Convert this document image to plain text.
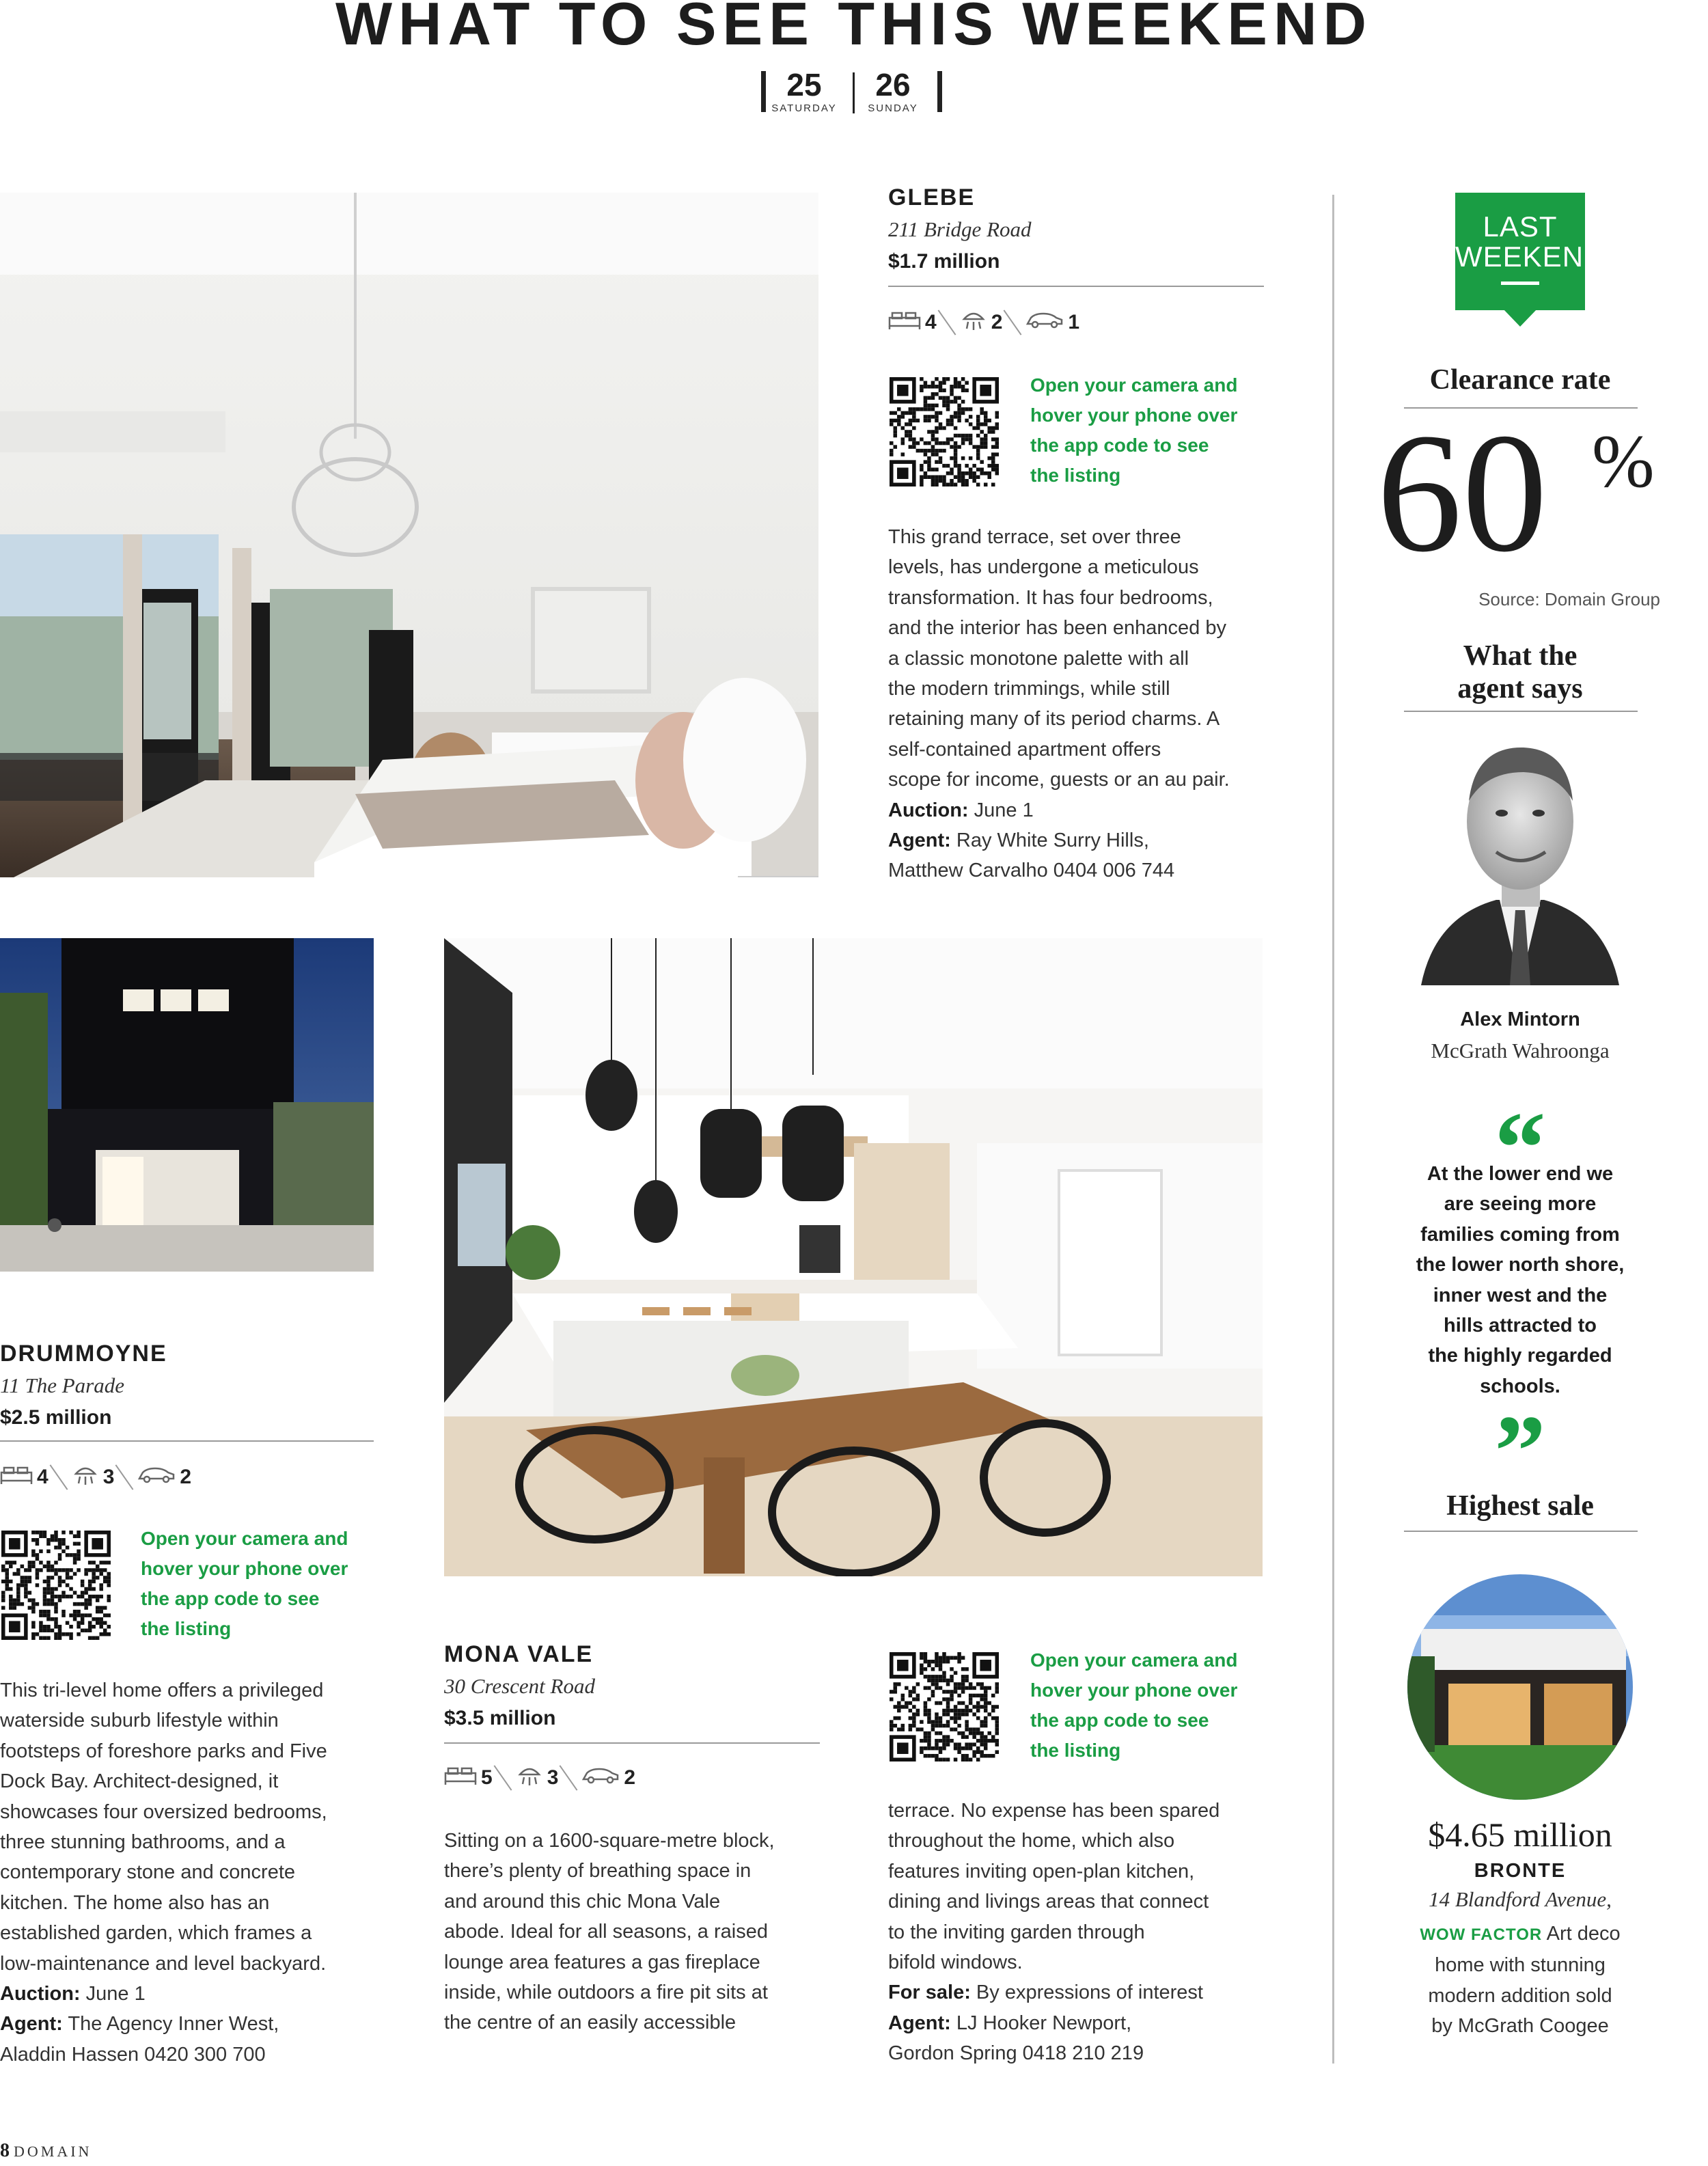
WHAT TO SEE THIS WEEKEND
25
SATURDAY
26
SUNDAY
GLEBE
211 Bridge Road
$1.7 million
4	2	1
Open your camera and
hover your phone over
the app code to see
the listing
This grand terrace, set over three
levels, has undergone a meticulous
transformation. It has four bedrooms,
and the interior has been enhanced by
a classic monotone palette with all
the modern trimmings, while still
retaining many of its period charms. A
self-contained apartment offers
scope for income, guests or an au pair.
Auction: June 1
Agent: Ray White Surry Hills,
Matthew Carvalho 0404 006 744
DRUMMOYNE
11 The Parade
$2.5 million
4	3	2
Open your camera and
hover your phone over
the app code to see
the listing
This tri-level home offers a privileged
waterside suburb lifestyle within
footsteps of foreshore parks and Five
Dock Bay. Architect-designed, it
showcases four oversized bedrooms,
three stunning bathrooms, and a
contemporary stone and concrete
kitchen. The home also has an
established garden, which frames a
low-maintenance and level backyard.
Auction: June 1
Agent: The Agency Inner West,
Aladdin Hassen 0420 300 700
MONA VALE
30 Crescent Road
$3.5 million
5	3	2
Sitting on a 1600-square-metre block,
there’s plenty of breathing space in
and around this chic Mona Vale
abode. Ideal for all seasons, a raised
lounge area features a gas fireplace
inside, while outdoors a fire pit sits at
the centre of an easily accessible
Open your camera and
hover your phone over
the app code to see
the listing
terrace. No expense has been spared
throughout the home, which also
features inviting open-plan kitchen,
dining and livings areas that connect
to the inviting garden through
bifold windows.
For sale: By expressions of interest
Agent: LJ Hooker Newport,
Gordon Spring 0418 210 219
LAST
WEEKEND
Clearance rate
60 %
Source: Domain Group
What the
agent says
Alex Mintorn
McGrath Wahroonga
“
At the lower end we
are seeing more
families coming from
the lower north shore,
inner west and the
hills attracted to
the highly regarded
schools.
”
Highest sale
$4.65 million
BRONTE
14 Blandford Avenue,
WOW FACTOR Art deco
home with stunning
modern addition sold
by McGrath Coogee
8 DOMAIN
